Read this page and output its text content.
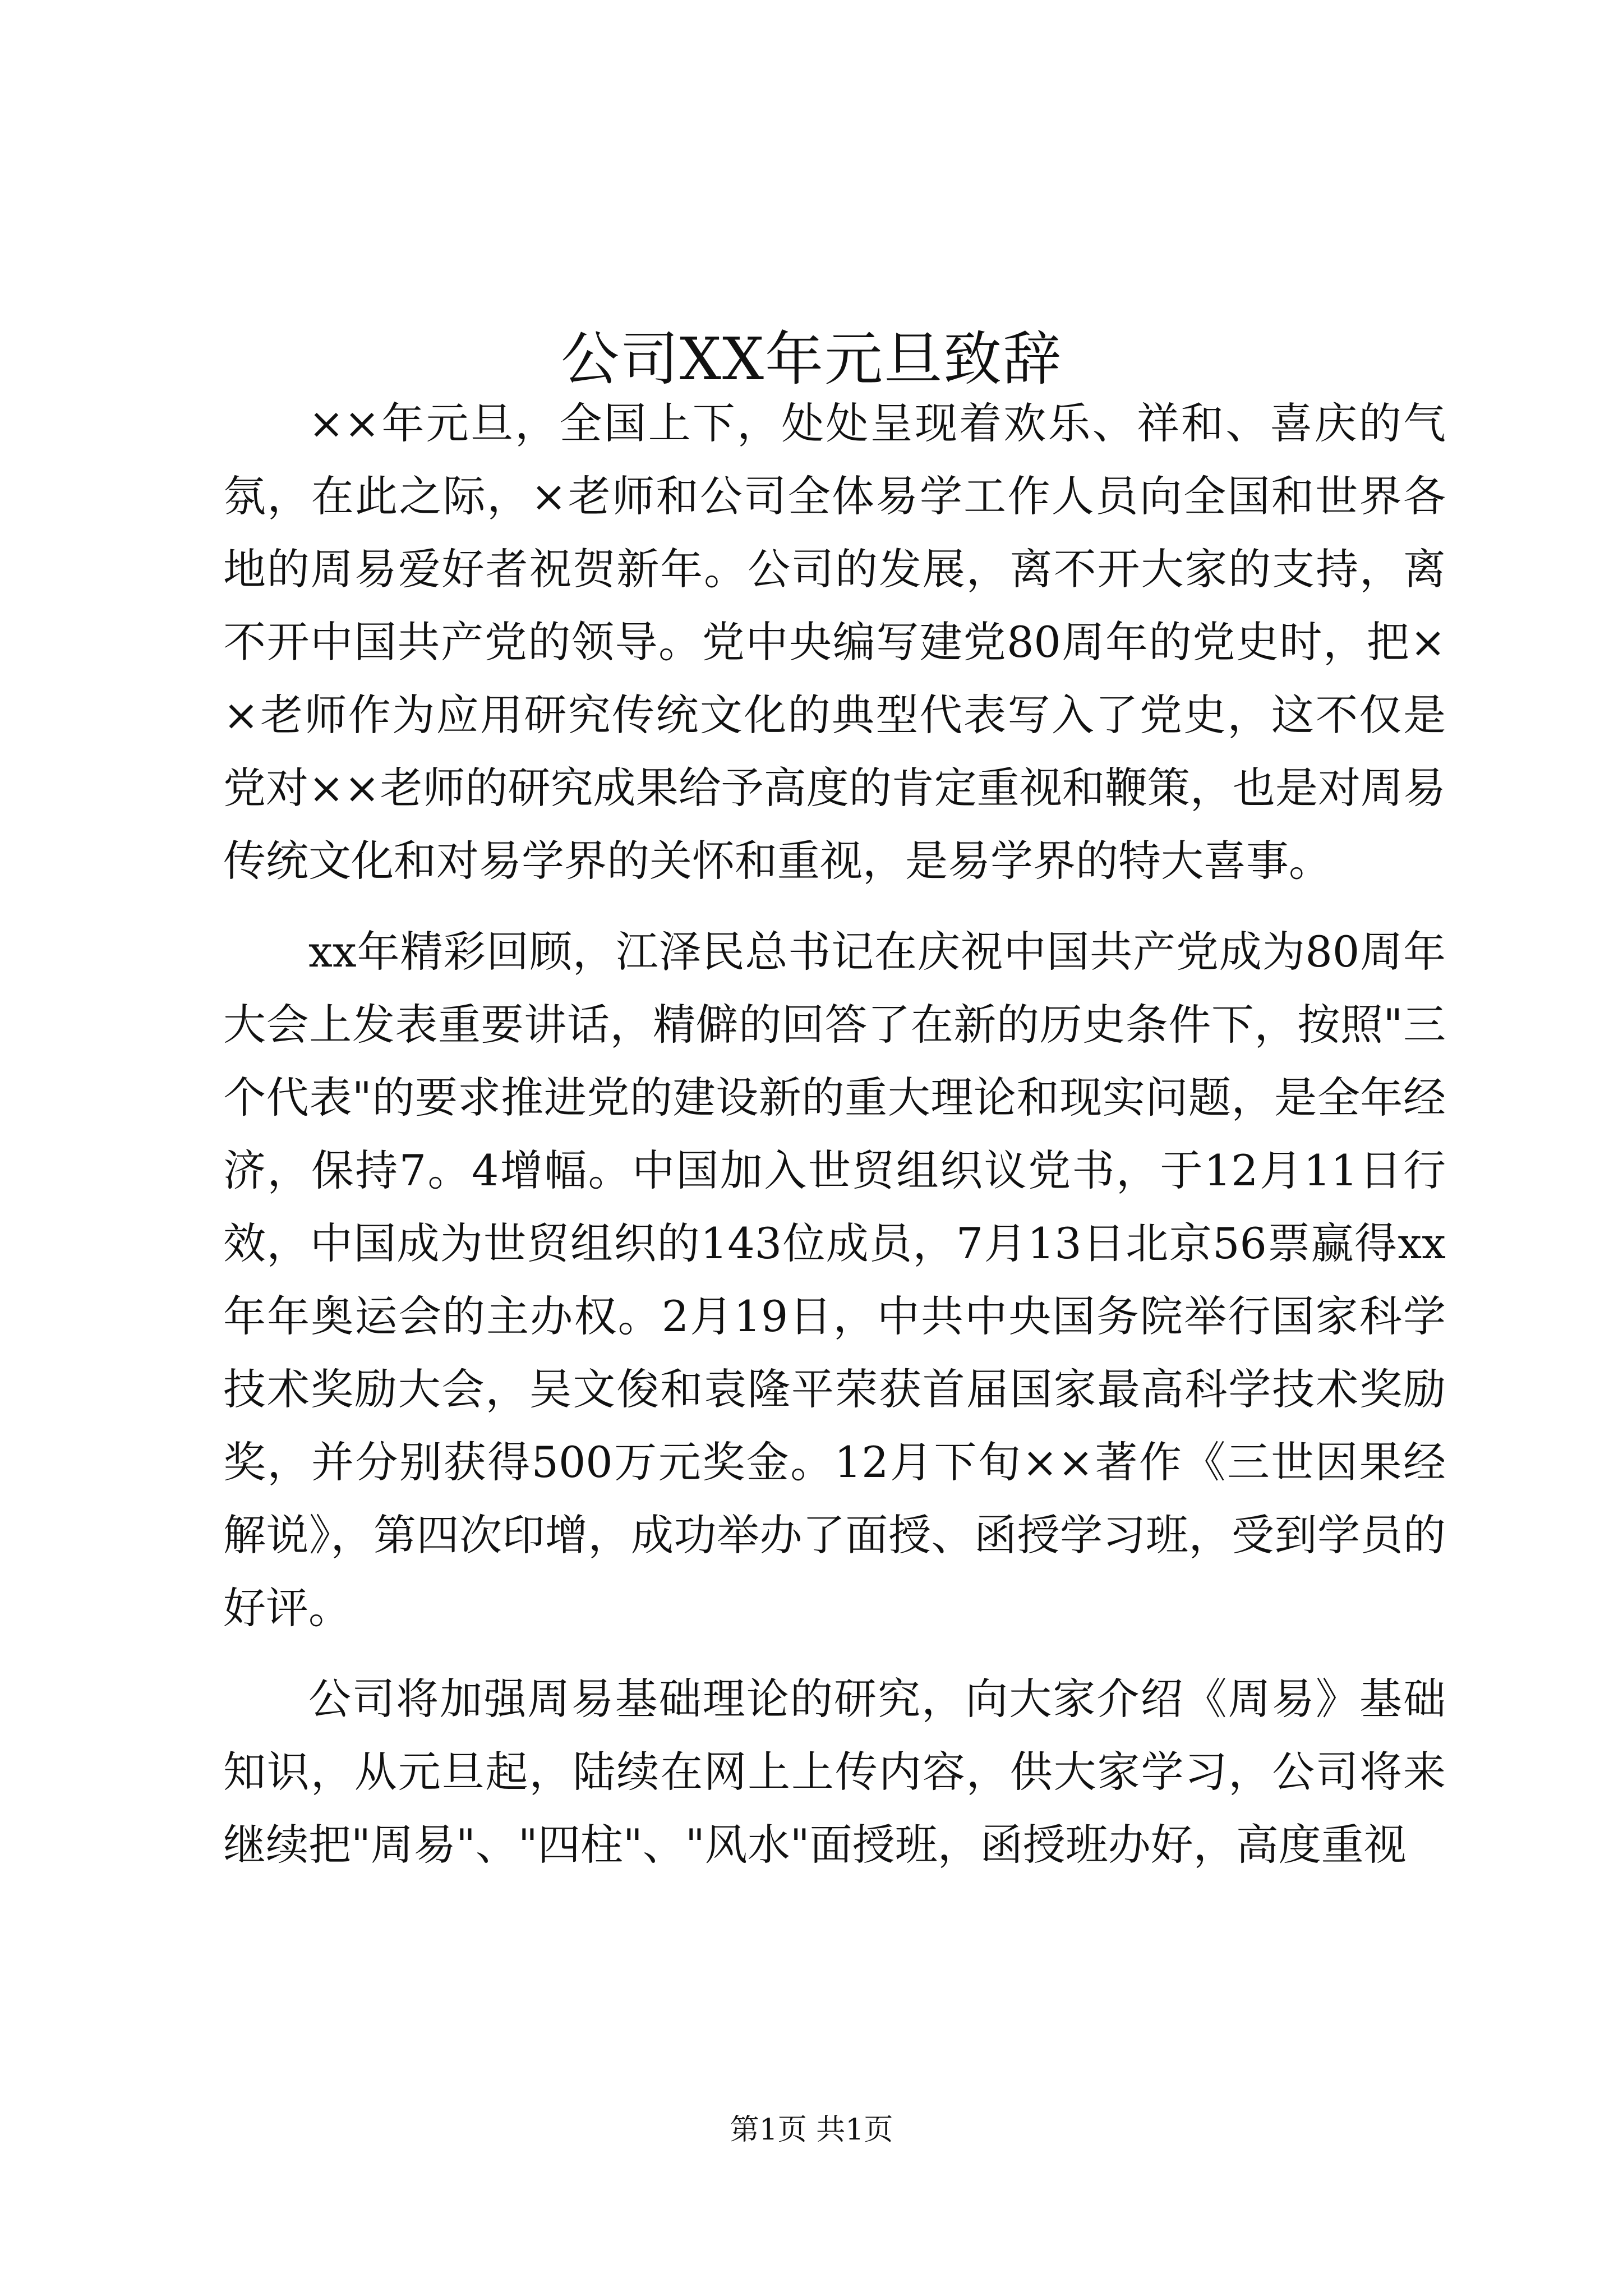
公司XX年元旦致辞

××年元旦，全国上下，处处呈现着欢乐、祥和、喜庆的气氛，在此之际，×老师和公司全体易学工作人员向全国和世界各地的周易爱好者祝贺新年。公司的发展，离不开大家的支持，离不开中国共产党的领导。党中央编写建党80周年的党史时，把××老师作为应用研究传统文化的典型代表写入了党史，这不仅是党对××老师的研究成果给予高度的肯定重视和鞭策，也是对周易传统文化和对易学界的关怀和重视，是易学界的特大喜事。

xx年精彩回顾，江泽民总书记在庆祝中国共产党成为80周年大会上发表重要讲话，精僻的回答了在新的历史条件下，按照"三个代表"的要求推进党的建设新的重大理论和现实问题，是全年经济，保持7。4增幅。中国加入世贸组织议党书，于12月11日行效，中国成为世贸组织的143位成员，7月13日北京56票赢得xx年年奥运会的主办权。2月19日，中共中央国务院举行国家科学技术奖励大会，吴文俊和袁隆平荣获首届国家最高科学技术奖励奖，并分别获得500万元奖金。12月下旬××著作《三世因果经解说》，第四次印增，成功举办了面授、函授学习班，受到学员的好评。

公司将加强周易基础理论的研究，向大家介绍《周易》基础知识，从元旦起，陆续在网上上传内容，供大家学习，公司将来继续把"周易"、"四柱"、"风水"面授班，函授班办好，高度重视

第1页 共1页
